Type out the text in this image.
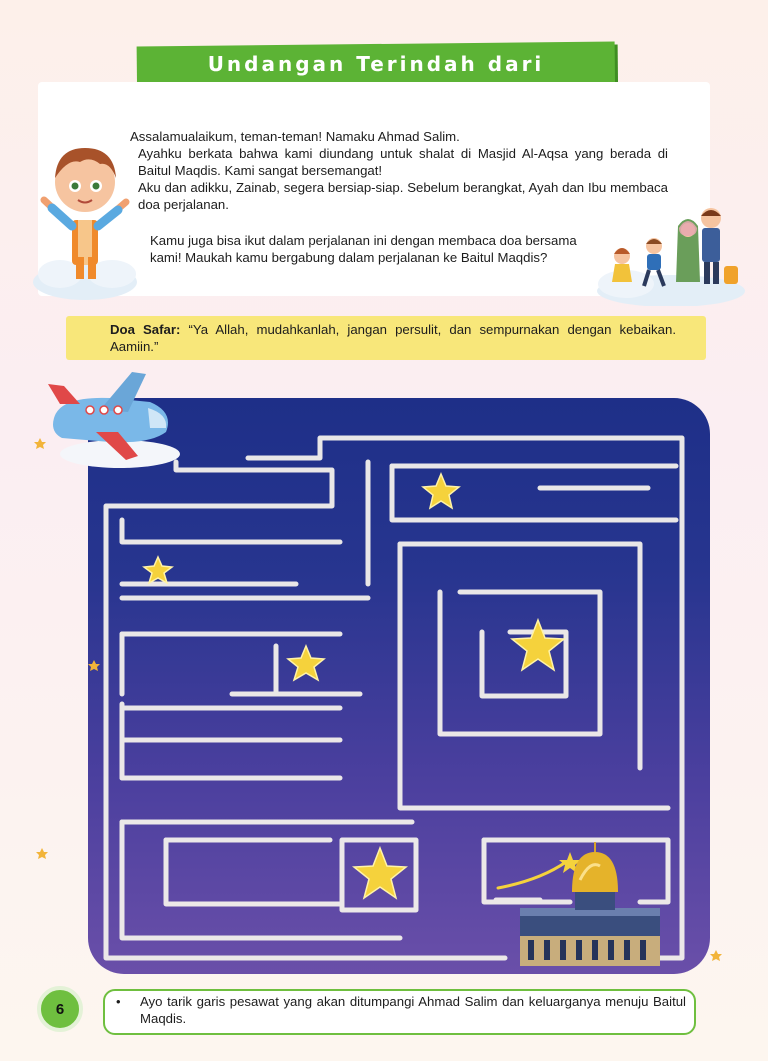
Undangan Terindah dari

Assalamualaikum, teman-teman! Namaku Ahmad Salim.

Ayahku berkata bahwa kami diundang untuk shalat di Masjid Al-Aqsa yang berada di Baitul Maqdis. Kami sangat bersemangat!

Aku dan adikku, Zainab, segera bersiap-siap. Sebelum berangkat, Ayah dan Ibu membaca doa perjalanan.

Kamu juga bisa ikut dalam perjalanan ini dengan membaca doa bersama kami! Maukah kamu bergabung dalam perjalanan ke Baitul Maqdis?
Doa Safar: “Ya Allah, mudahkanlah, jangan persulit, dan sempurnakan dengan kebaikan. Aamiin.”
6	• Ayo tarik garis pesawat yang akan ditumpangi Ahmad Salim dan keluarganya menuju Baitul Maqdis.
